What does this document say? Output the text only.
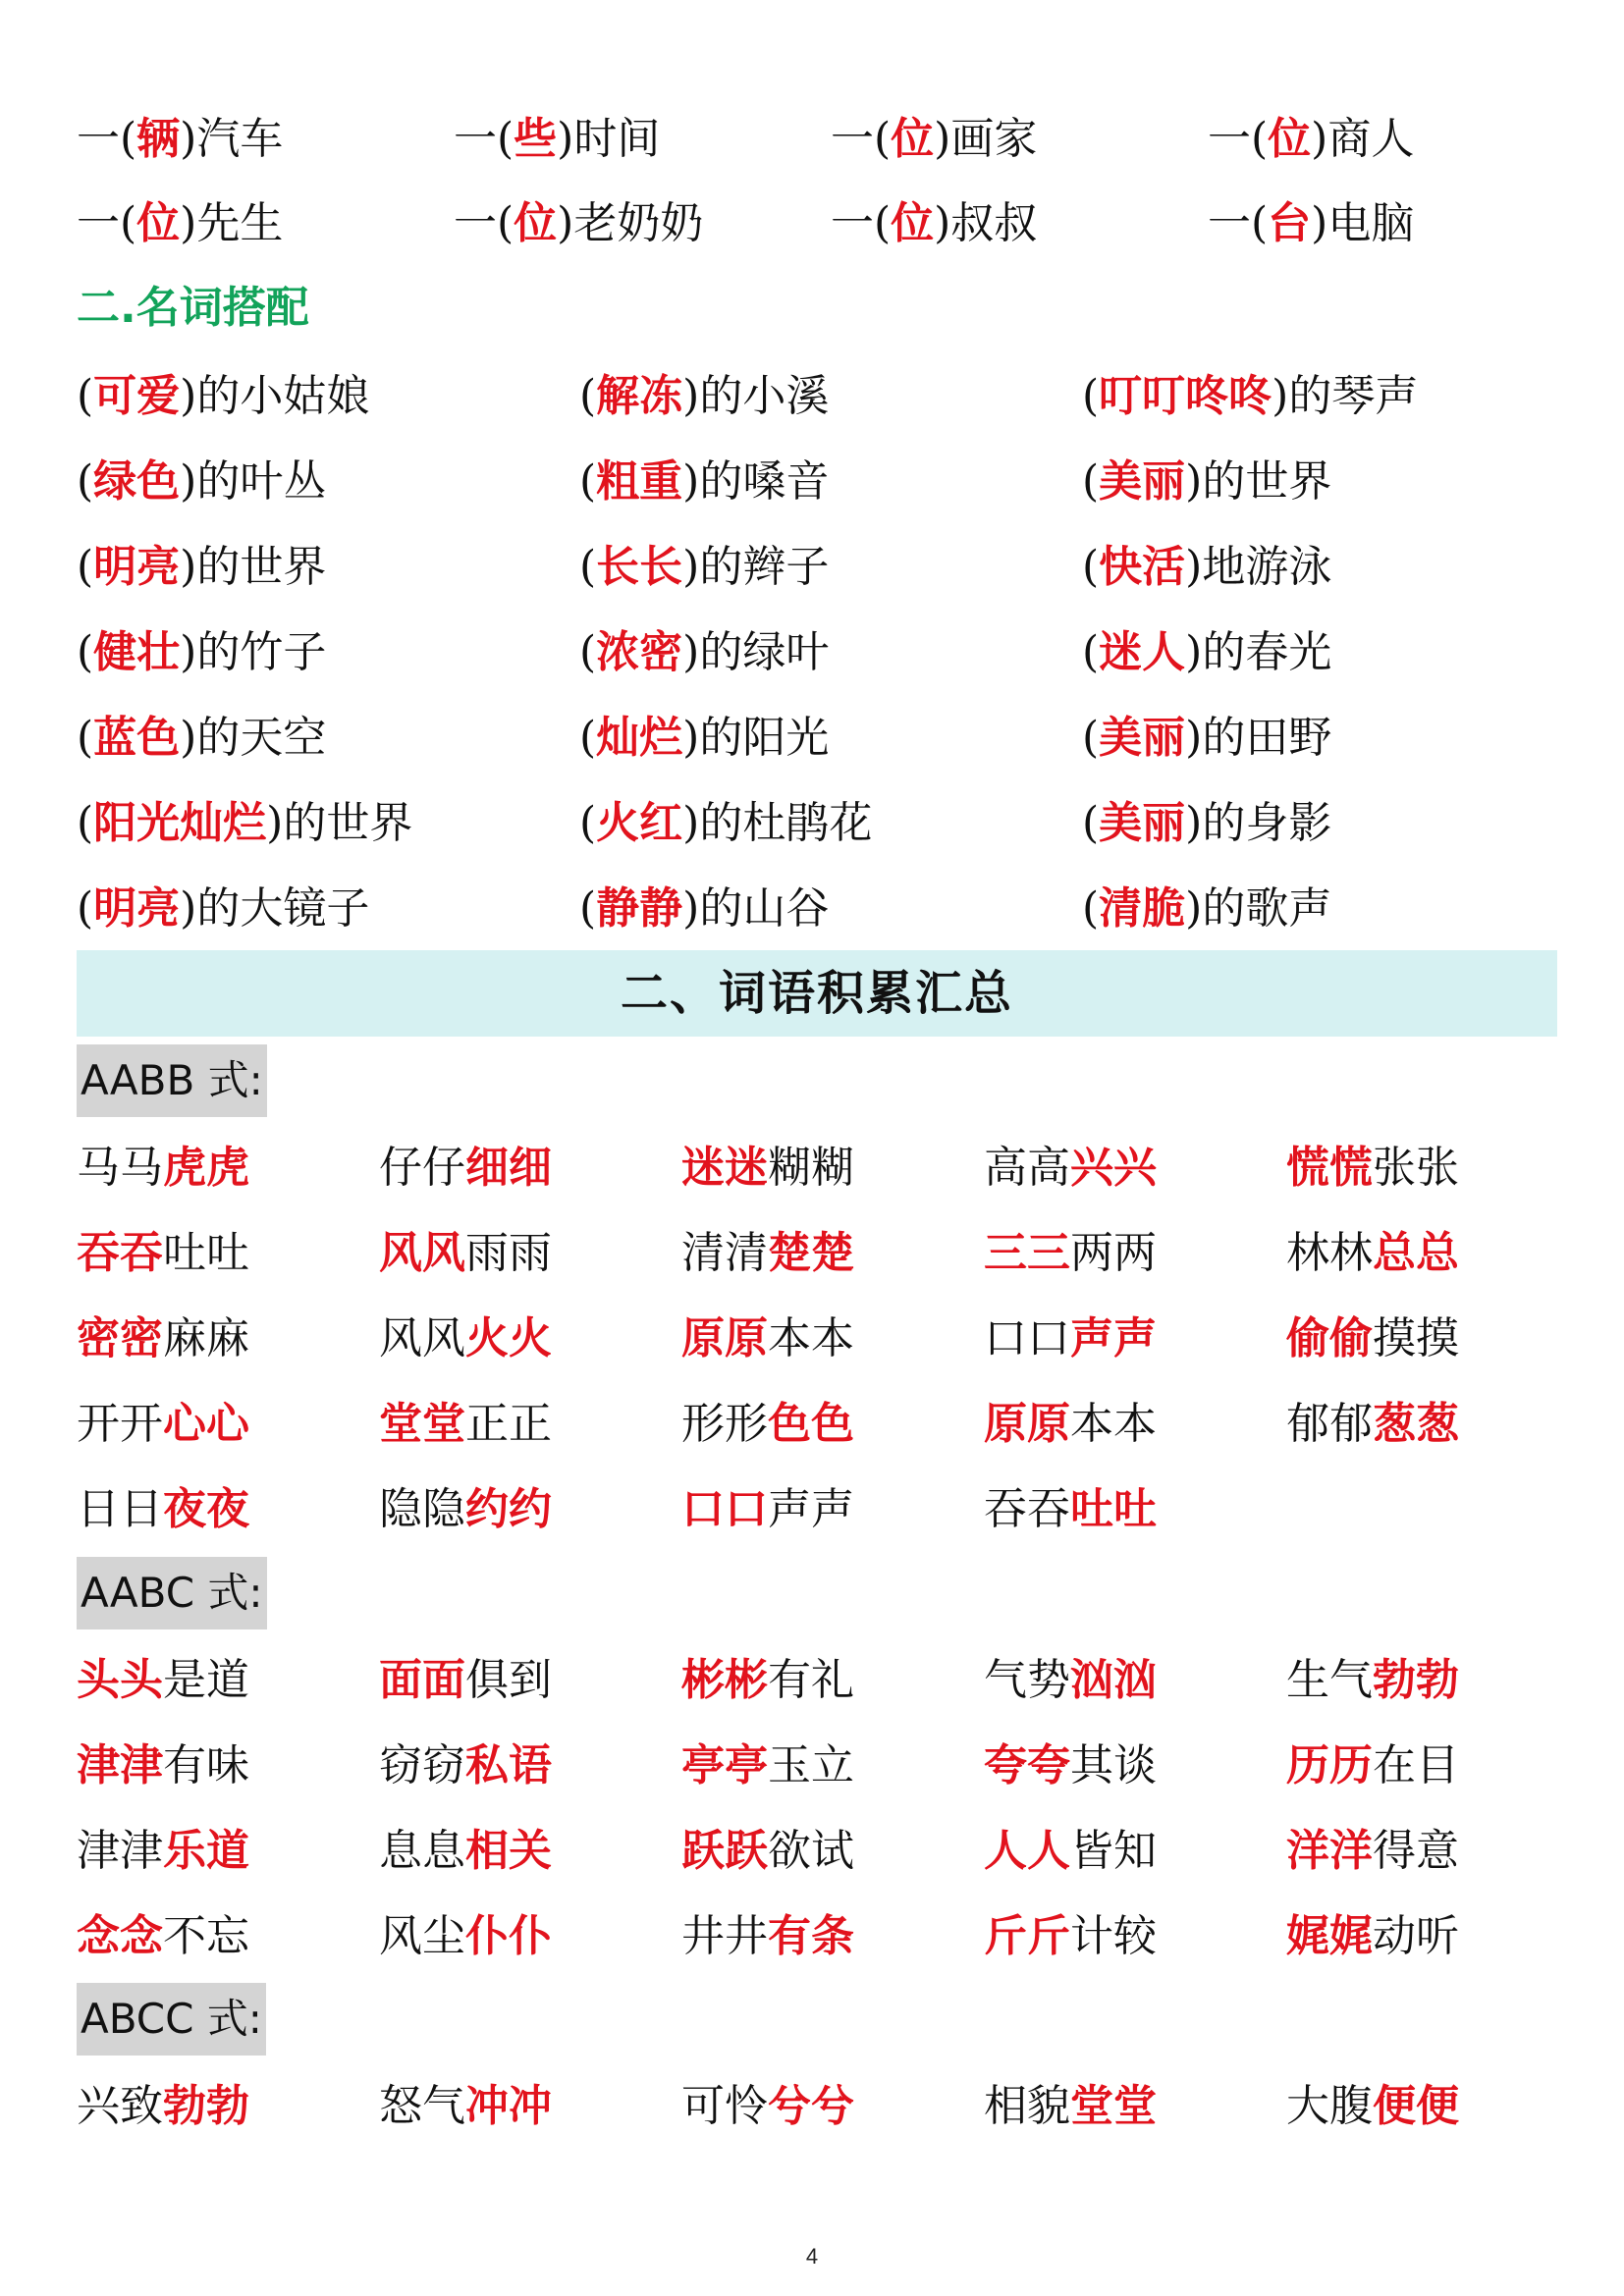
一(辆)汽车	一(些)时间	一(位)画家	一(位)商人
一(位)先生	一(位)老奶奶	一(位)叔叔	一(台)电脑
二.名词搭配
(可爱)的小姑娘	(解冻)的小溪	(叮叮咚咚)的琴声
(绿色)的叶丛	(粗重)的嗓音	(美丽)的世界
(明亮)的世界	(长长)的辫子	(快活)地游泳
(健壮)的竹子	(浓密)的绿叶	(迷人)的春光
(蓝色)的天空	(灿烂)的阳光	(美丽)的田野
(阳光灿烂)的世界	(火红)的杜鹃花	(美丽)的身影
(明亮)的大镜子	(静静)的山谷	(清脆)的歌声
二、词语积累汇总
AABB 式:
马马虎虎	仔仔细细	迷迷糊糊	高高兴兴	慌慌张张
吞吞吐吐	风风雨雨	清清楚楚	三三两两	林林总总
密密麻麻	风风火火	原原本本	口口声声	偷偷摸摸
开开心心	堂堂正正	形形色色	原原本本	郁郁葱葱
日日夜夜	隐隐约约	口口声声	吞吞吐吐
AABC 式:
头头是道	面面俱到	彬彬有礼	气势汹汹	生气勃勃
津津有味	窃窃私语	亭亭玉立	夸夸其谈	历历在目
津津乐道	息息相关	跃跃欲试	人人皆知	洋洋得意
念念不忘	风尘仆仆	井井有条	斤斤计较	娓娓动听
ABCC 式:
兴致勃勃	怒气冲冲	可怜兮兮	相貌堂堂	大腹便便
4
